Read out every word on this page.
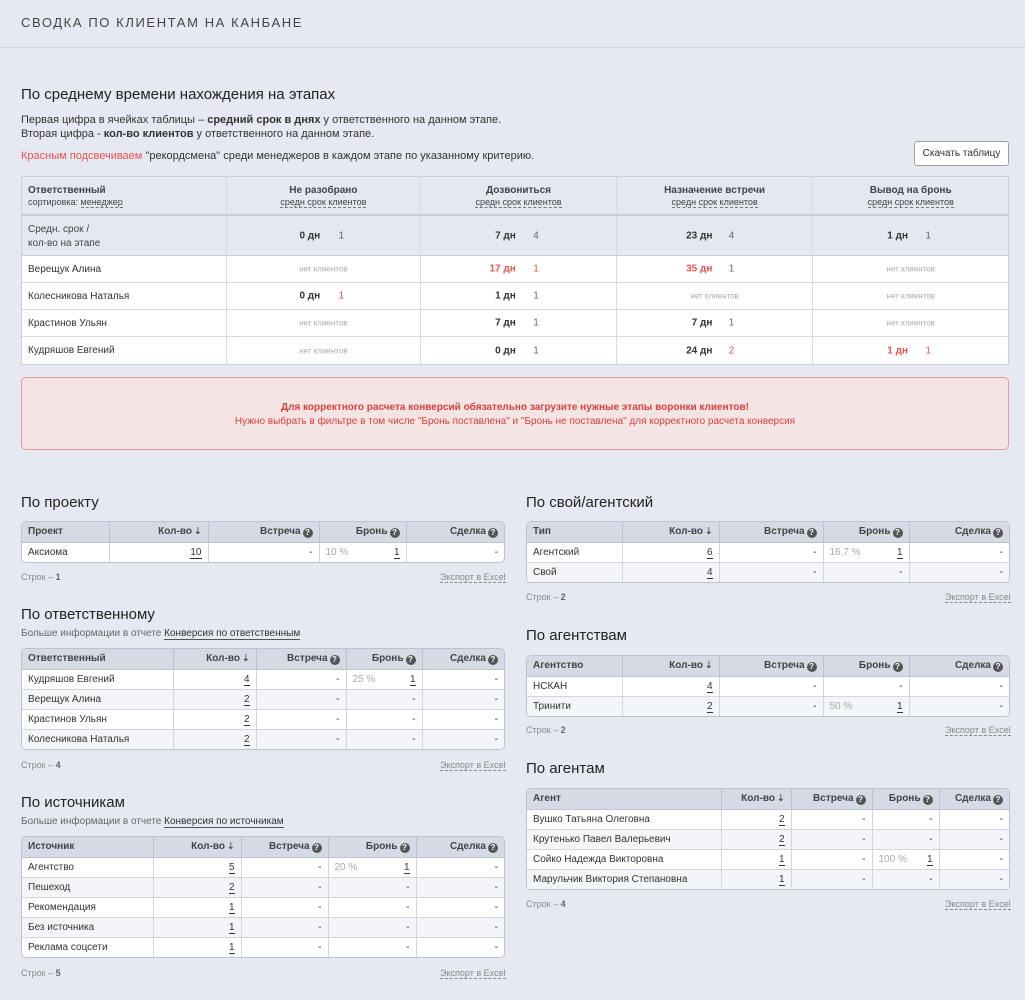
СВОДКА ПО КЛИЕНТАМ НА КАНБАНЕ
По среднему времени нахождения на этапах
Первая цифра в ячейках таблицы – средний срок в днях у ответственного на данном этапе.
Вторая цифра - кол-во клиентов у ответственного на данном этапе.
Красным подсвечиваем "рекордсмена" среди менеджеров в каждом этапе по указанному критерию.	Скачать таблицу
Ответственный
сортировка: менеджер
Не разобрано
средн срок клиентов
Дозвониться
средн срок клиентов
Назначение встречи
средн срок клиентов
Вывод на бронь
средн срок клиентов
Средн. срок /
кол-во на этапе
0 дн 1	7 дн 4	23 дн 4	1 дн 1
Верещук Алина	нет клиентов	17 дн 1	35 дн 1	нет клиентов
Колесникова Наталья	0 дн 1	1 дн 1	нет клиентов	нет клиентов
Крастинов Ульян	нет клиентов	7 дн 1	7 дн 1	нет клиентов
Кудряшов Евгений	нет клиентов	0 дн 1	24 дн 2	1 дн 1
Для корректного расчета конверсий обязательно загрузите нужные этапы воронки клиентов!
Нужно выбрать в фильтре в том числе "Бронь поставлена" и "Бронь не поставлена" для корректного расчета конверсия
По проекту
Проект	Кол-во ⇣	Встреча ?	Бронь ?	Сделка ?
Аксиома	10	-	10 % 1	-
Строк – 1	Экспорт в Excel
По ответственному
Больше информации в отчете Конверсия по ответственным
Ответственный	Кол-во ⇣	Встреча ?	Бронь ?	Сделка ?
Кудряшов Евгений	4	-	25 % 1	-
Верещук Алина	2	-	-	-
Крастинов Ульян	2	-	-	-
Колесникова Наталья	2	-	-	-
Строк – 4	Экспорт в Excel
По источникам
Больше информации в отчете Конверсия по источникам
Источник	Кол-во ⇣	Встреча ?	Бронь ?	Сделка ?
Агентство	5	-	20 % 1	-
Пешеход	2	-	-	-
Рекомендация	1	-	-	-
Без источника	1	-	-	-
Реклама соцсети	1	-	-	-
Строк – 5	Экспорт в Excel
По свой/агентский
Тип	Кол-во ⇣	Встреча ?	Бронь ?	Сделка ?
Агентский	6	-	16,7 % 1	-
Свой	4	-	-	-
Строк – 2	Экспорт в Excel
По агентствам
Агентство	Кол-во ⇣	Встреча ?	Бронь ?	Сделка ?
НСКАН	4	-	-	-
Тринити	2	-	50 % 1	-
Строк – 2	Экспорт в Excel
По агентам
Агент	Кол-во ⇣	Встреча ?	Бронь ?	Сделка ?
Вушко Татьяна Олеговна	2	-	-	-
Крутенько Павел Валерьевич	2	-	-	-
Сойко Надежда Викторовна	1	-	100 % 1	-
Марульчик Виктория Степановна	1	-	-	-
Строк – 4	Экспорт в Excel
